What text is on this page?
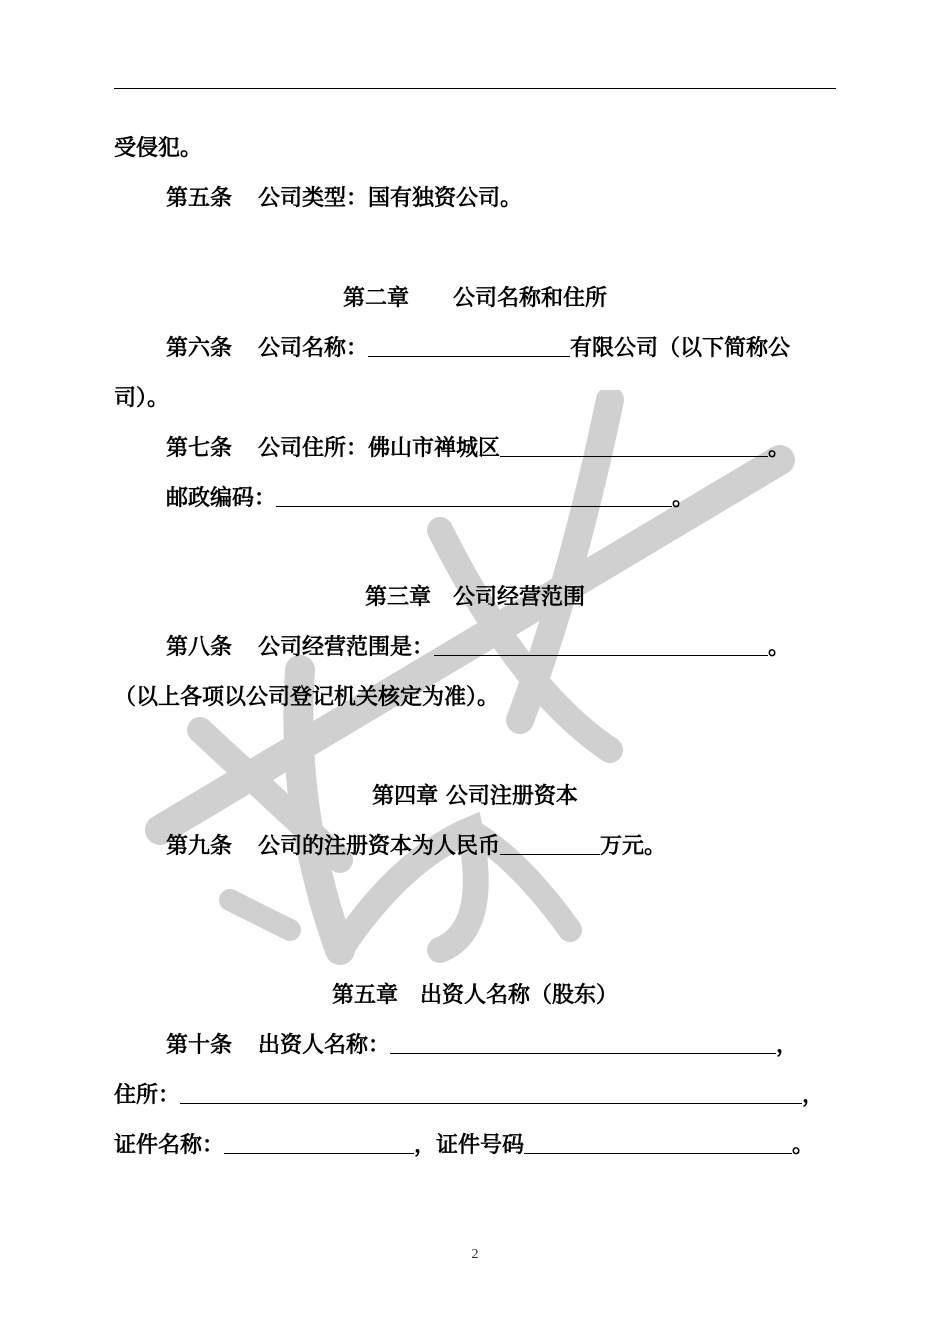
受侵犯。
第五条 公司类型：国有独资公司。
第二章　　公司名称和住所
第六条 公司名称：	有限公司（以下简称公
司）。
第七条 公司住所：佛山市禅城区	。
邮政编码：	。
第三章　公司经营范围
第八条 公司经营范围是：	。
（以上各项以公司登记机关核定为准）。
第四章 公司注册资本
第九条 公司的注册资本为人民币	万元。
第五章　出资人名称（股东）
第十条 出资人名称：	，
住所：	，
证件名称：	，证件号码	。
2
